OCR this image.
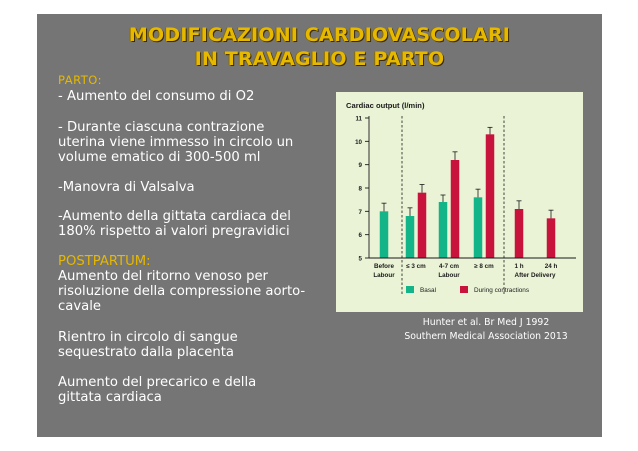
MODIFICAZIONI CARDIOVASCOLARI
IN TRAVAGLIO E PARTO
PARTO:
- Aumento del consumo di O2
- Durante ciascuna contrazione
uterina viene immesso in circolo un
volume ematico di 300-500 ml
-Manovra di Valsalva
-Aumento della gittata cardiaca del
180% rispetto ai valori pregravidici
POSTPARTUM:
Aumento del ritorno venoso per
risoluzione della compressione aorto-
cavale
Rientro in circolo di sangue
sequestrato dalla placenta
Aumento del precarico e della
gittata cardiaca
Hunter et al. Br Med J 1992
Southern Medical Association 2013
Cardiac output (l/min)
5
6
7
8
9
10
11
Before ≤ 3 cm 4-7 cm ≥ 8 cm	1 h	24 h
Labour	Labour	After Delivery
Basal	During contractions
